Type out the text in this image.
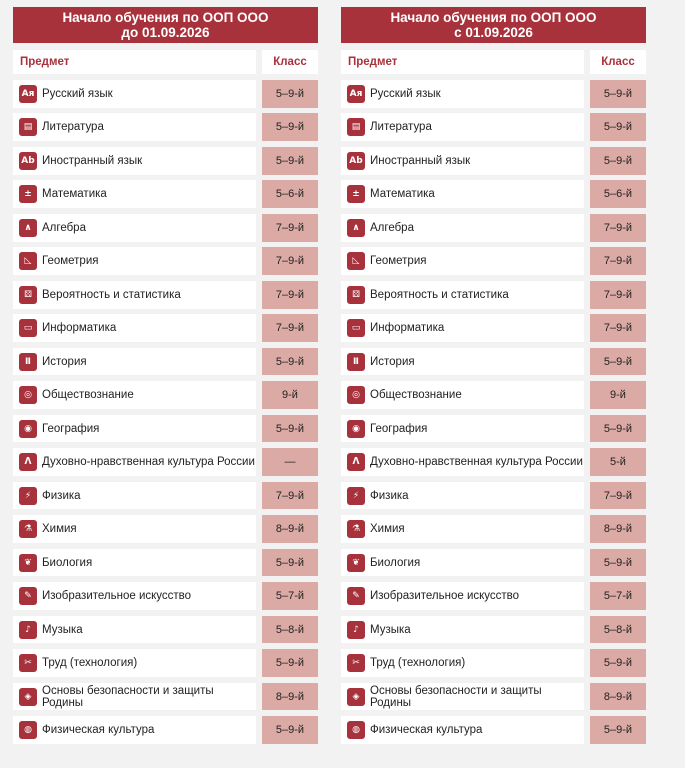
Начало обучения по ООП ООО
до 01.09.2026
Предмет	Класс
Ая Русский язык	5–9-й
▤ Литература	5–9-й
Ab Иностранный язык	5–9-й
± Математика	5–6-й
∧ Алгебра	7–9-й
◺ Геометрия	7–9-й
⚄ Вероятность и статистика	7–9-й
▭ Информатика	7–9-й
Ⅱ История	5–9-й
◎ Обществознание	9-й
◉ География	5–9-й
ᐱ Духовно-нравственная культура России	—
⚡ Физика	7–9-й
⚗ Химия	8–9-й
❦ Биология	5–9-й
✎ Изобразительное искусство	5–7-й
♪ Музыка	5–8-й
✂ Труд (технология)	5–9-й
◈ Основы безопасности и защиты Родины	8–9-й
◍ Физическая культура	5–9-й
Начало обучения по ООП ООО
с 01.09.2026
Предмет	Класс
Ая Русский язык	5–9-й
▤ Литература	5–9-й
Ab Иностранный язык	5–9-й
± Математика	5–6-й
∧ Алгебра	7–9-й
◺ Геометрия	7–9-й
⚄ Вероятность и статистика	7–9-й
▭ Информатика	7–9-й
Ⅱ История	5–9-й
◎ Обществознание	9-й
◉ География	5–9-й
ᐱ Духовно-нравственная культура России	5-й
⚡ Физика	7–9-й
⚗ Химия	8–9-й
❦ Биология	5–9-й
✎ Изобразительное искусство	5–7-й
♪ Музыка	5–8-й
✂ Труд (технология)	5–9-й
◈ Основы безопасности и защиты Родины	8–9-й
◍ Физическая культура	5–9-й
